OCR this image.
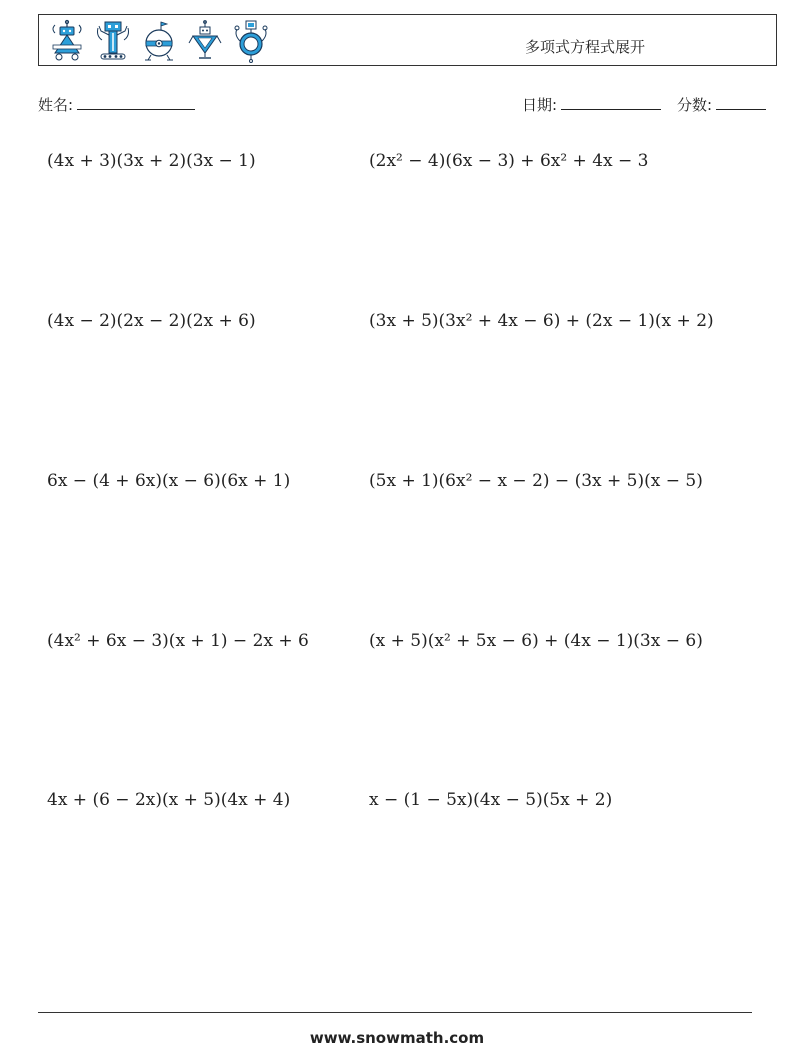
多项式方程式展开
姓名:	日期:	分数:
(4x + 3)(3x + 2)(3x − 1)	(2x² − 4)(6x − 3) + 6x² + 4x − 3
(4x − 2)(2x − 2)(2x + 6)	(3x + 5)(3x² + 4x − 6) + (2x − 1)(x + 2)
6x − (4 + 6x)(x − 6)(6x + 1)	(5x + 1)(6x² − x − 2) − (3x + 5)(x − 5)
(4x² + 6x − 3)(x + 1) − 2x + 6	(x + 5)(x² + 5x − 6) + (4x − 1)(3x − 6)
4x + (6 − 2x)(x + 5)(4x + 4)	x − (1 − 5x)(4x − 5)(5x + 2)
www.snowmath.com
